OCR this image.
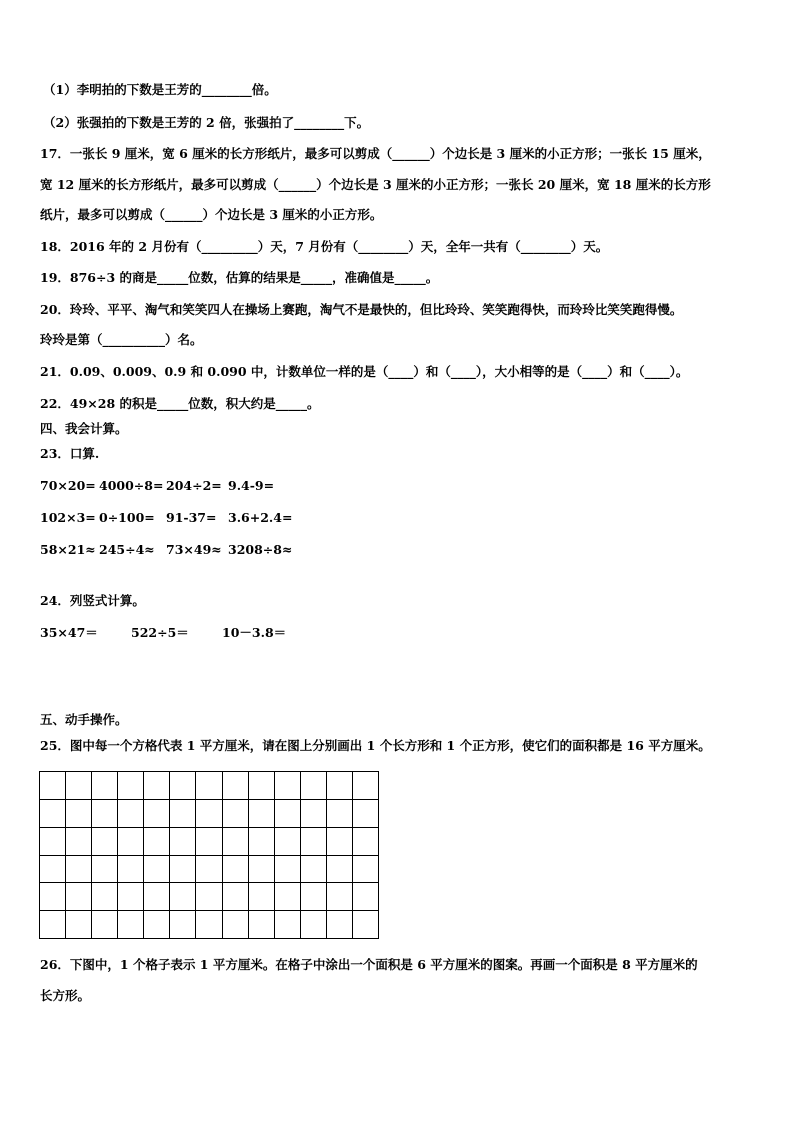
（1）李明拍的下数是王芳的________倍。
（2）张强拍的下数是王芳的 2 倍，张强拍了________下。
17．一张长 9 厘米，宽 6 厘米的长方形纸片，最多可以剪成（______）个边长是 3 厘米的小正方形；一张长 15 厘米，
宽 12 厘米的长方形纸片，最多可以剪成（______）个边长是 3 厘米的小正方形；一张长 20 厘米，宽 18 厘米的长方形
纸片，最多可以剪成（______）个边长是 3 厘米的小正方形。
18．2016 年的 2 月份有（_________）天，7 月份有（________）天，全年一共有（________）天。
19．876÷3 的商是_____位数，估算的结果是_____，准确值是_____。
20．玲玲、平平、淘气和笑笑四人在操场上赛跑，淘气不是最快的，但比玲玲、笑笑跑得快，而玲玲比笑笑跑得慢。
玲玲是第（__________）名。
21．0.09、0.009、0.9 和 0.090 中，计数单位一样的是（____）和（____），大小相等的是（____）和（____）。
22．49×28 的积是_____位数，积大约是_____。
四、我会计算。
23．口算.
24．列竖式计算。
五、动手操作。
25．图中每一个方格代表 1 平方厘米，请在图上分别画出 1 个长方形和 1 个正方形，使它们的面积都是 16 平方厘米。
26．下图中，1 个格子表示 1 平方厘米。在格子中涂出一个面积是 6 平方厘米的图案。再画一个面积是 8 平方厘米的
长方形。
70×20= 4000÷8= 204÷2= 9.4-9=
102×3= 0÷100= 91-37= 3.6+2.4=
58×21≈ 245÷4≈ 73×49≈ 3208÷8≈
35×47＝	522÷5＝	10－3.8＝
